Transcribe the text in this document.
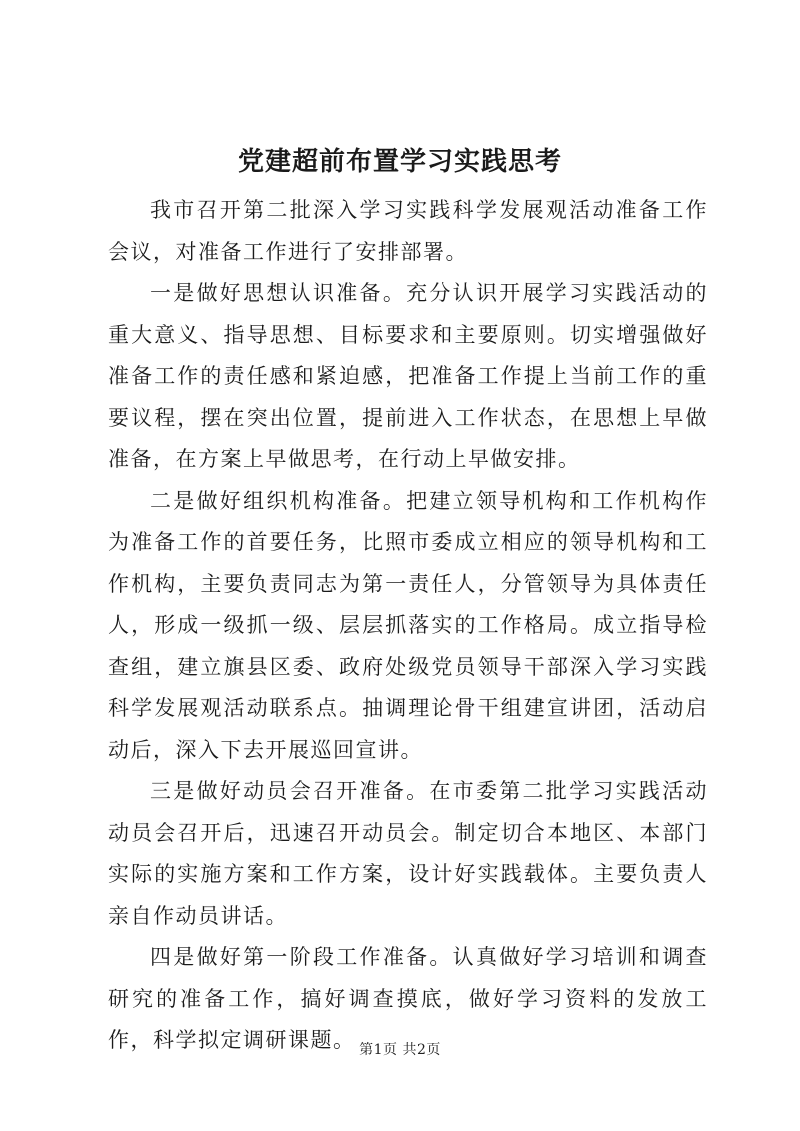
党建超前布置学习实践思考

我市召开第二批深入学习实践科学发展观活动准备工作会议，对准备工作进行了安排部署。

一是做好思想认识准备。充分认识开展学习实践活动的重大意义、指导思想、目标要求和主要原则。切实增强做好准备工作的责任感和紧迫感，把准备工作提上当前工作的重要议程，摆在突出位置，提前进入工作状态，在思想上早做准备，在方案上早做思考，在行动上早做安排。

二是做好组织机构准备。把建立领导机构和工作机构作为准备工作的首要任务，比照市委成立相应的领导机构和工作机构，主要负责同志为第一责任人，分管领导为具体责任人，形成一级抓一级、层层抓落实的工作格局。成立指导检查组，建立旗县区委、政府处级党员领导干部深入学习实践科学发展观活动联系点。抽调理论骨干组建宣讲团，活动启动后，深入下去开展巡回宣讲。

三是做好动员会召开准备。在市委第二批学习实践活动动员会召开后，迅速召开动员会。制定切合本地区、本部门实际的实施方案和工作方案，设计好实践载体。主要负责人亲自作动员讲话。

四是做好第一阶段工作准备。认真做好学习培训和调查研究的准备工作，搞好调查摸底，做好学习资料的发放工作，科学拟定调研课题。 第1页 共2页
